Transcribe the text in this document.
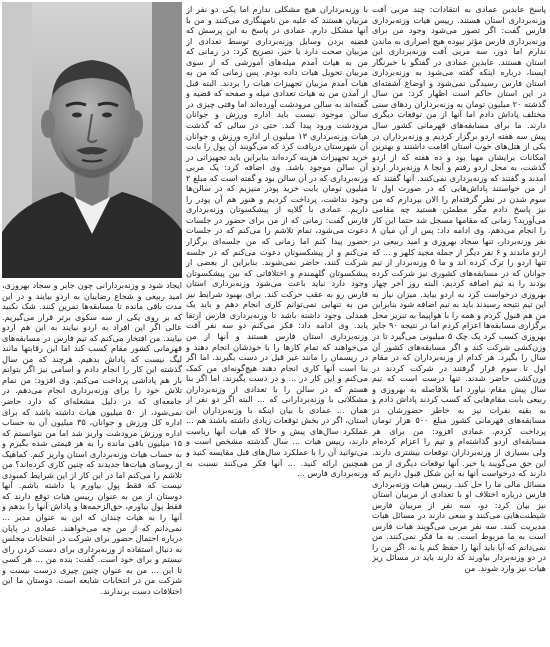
پاسخ عابدین عمادی به انتقادات: چند مربی آفت وزنه‌برداری استان هستند. رییس هیات وزنه‌برداری فارس گفت: اگر تصور می‌شود وجود من برای وزنه‌برداری فارس مؤثر نبوده هیچ اصراری به ماندن ندارم اما دور، سه مربی آفت وزنه‌برداری این استان هستند. عابدین عمادی در گفتگو با خبرنگار ایسنا، درباره اینکه گفته می‌شود به وزنه‌برداری استان فارس رسیدگی نمی‌شود و اوضاع آشفته‌ای در این استان حاکم است اظهار کرد: من سال گذشته ۲۰ میلیون تومان به وزنه‌برداران ردهای سنی مختلف پاداش دادم اما آنها از من توقعات دیگری دارند. ما برای مسابقه‌های قهرمانی کشور سال پیش سه هفته اردو برگزار کردیم و وزنه‌برداران در یکی از هتل‌های خوب استان اقامت داشتند و بهترین امکانات برایشان مهیا بود و ده هفته که از اردو گذشت، به محل اردو رفتم و آنجا ۸ وزنه‌بردار اردو آمدند و گفتند که وزنه‌برداری نمی‌کنند. آنها گفتند که از من خواستند پاداش‌هایی که در صورت اول تا سوم شدن در نظر گرفته‌ام را الان بپردازم که من نیز پاسخ دادم مگر مطمئن هستید چه مقامی می‌آورید؟ زمانی که مقامها مسجل شد حتما این کار را انجام می‌دهم. وی ادامه داد: پس از آن میان ۸ نفر وزنه‌بردار، تنها سجاد بهروزی و امید ربیعی در اردو ماندند و ۶ نفر دیگر از جمله مجید کلهر و ... که تنها اردو را ترک کرده اند و ما ۵ وزنه‌بردار از تیم جوانان که در مسابقه‌های کشوری نیز شرکت کرده بودند را به تیم اضافه کردیم. البته روز آخر چهار بهروزی درخواست کرد به اردو بیاید. میزان نیاز به این تیم نتیجه رسیدند باید به تیم اضافه شود بنابراین من هم قبول کردم و همه را با هواپیما به تبریز محل برگزاری مسابقه‌ها اعزام کردم اما در نتیجه ۹۰ جایز بهروزی کسب کرد یک چک ۵ میلیونی می‌گیرد تا در وزن‌کشی شرکت کند و اگر مسابقه‌های کشور آن سال را بگیرد. هر کدام از وزنه‌برداران که در مقام اول تا سوم قرار گرفتند در شرکت کردند در وزن‌کشی حاضر شدند. تنها درست است که تیم سال پیش مقام نیاورد اما بلافاصله به بهروزی و ربیعی بابت مقام‌هایی که کسب کردند پاداش دادم و به بقیه نفرات نیز به خاطر حضورشان در مسابقه‌های قهرمانی کشور مبلغ ۵۰۰ هزار تومان پرداخت کردم. عمادی افزود: من برای هر مسابقه‌ای اردو گذاشته‌ام و تیم را اعزام کرده‌ام ولی بسیاری از وزنه‌برداران توقعات بیشتری دارند. این حق می‌گویند یا خیر. آنها توقعات دیگری از من دارند که درخواست آنها به این شکل قبول داریم که مسائل مالی ما را حل کند. رییس هیات وزنه‌برداری فارس درباره اختلاف او با تعدادی از مربیان استان نیز بیان کرد: دو، سه نفر از مربیان فارس شیطنت‌هایی می‌کنند و سعی دارند در مسائل هیات مدیریت کنند. سه نفر مربی می‌گویند هیات فارس است به ما مربوط است. به ما فکر نمی‌کنند. من نمی‌دانم که آیا باید آنها را حفظ کنم یا نه. اگر من را در دو وزنه‌بردار بیاورند که دارند باید در مسائل ریز هیات نیز وارد شوند. من

با وزنه‌برداران هیچ مشکلی ندارم اما یکی دو نفر از مربیان هستند که علیه من نامهنگاری می‌کنند و من با آنها مشکل دارم. عمادی در پاسخ به این پرسش که قضیه بردن وسایل وزنه‌برداری توسط تعدادی از مربیان صحت دارد یا خیر، تصریح کرد: در زمانی که من به هیات آمدم میله‌های آموزشی که از سوی مربیان تحویل هیات داده بودم. پس زمانی که من به هیات آمدم مربیان تجهیزات هیات را بردند. البته قبل از آمدن من به هیات تعدادی میله و صفحه که قضیه و گفته‌اند به سالن مرودشت آورده‌اند اما وقتی چیزی در سالن موجود نیست باید اداره ورزش و جوانان مرودشت ورود پیدا کند. حتی در سالی که گذشت هیات وزنه‌برداری ۱۳ میلیون از اداره ورزش و جوانان آن شهرستان دریافت کرد که می‌گویند آن پول را بابت خرید تجهیزات هزینه کرده‌اند بنابراین باید تجهیزاتی در آن سالن موجود باشد. وی اضافه کرد: یک مربی وزنه‌برداری که در آن سالن بود و گفته است که مبلغ ۲ میلیون تومان بابت خرید پودر منیزیم که در سالن‌ها وجود نداشت، پرداخت کردیم و هنوز هم آن پودر را داریم. عمادی با گلایه از پیشکسوتان وزنه‌برداری فارس گفت: زمانی که از من برای حضور در جلسات دعوت می‌شود، تمام تلاشم را می‌کنم که در جلسات حضور پیدا کنم اما زمانی که من جلسه‌ای برگزار می‌کنم و از پیشکسوتان دعوت می‌کنم که در جلسه شرکت کنند، حاضر نمی‌شوند. بنابراین از بعضی از پیشکسوتان گلهمندم و اختلافاتی که بین پیشکسوتان وجود دارد نباید باعث می‌شود وزنه‌برداری استان فارس رو به عقب حرکت کند. برای بهبود شرایط نیز من به تنهایی نمی‌توانم کاری انجام دهم و باید یک همدلی وجود داشته باشد تا وزنه‌برداری فارس ارتقا یابد. وی ادامه داد: فکر می‌کنم دو سه نفر آفت وزنه‌برداری استان فارس هستند و آنها از من می‌خواهند که تمام کارها را با خودشان انجام دهند و در ریسمان را مانند غیر قبل در دست بگیرند. اما اگر بنا است آنها کاری انجام دهند هیچ‌گونه‌ای من کمک می‌کنم و این کار در ... و در دست بگیرند. اما اگر بنا هستم که در سالن را با تعدادی از وزنه‌برداران مشکلاتی با وزنه‌بردارانی که ... البته اگر دو نفر از همان ... عمادی با بیان اینکه با وزنه‌برداران این استان، اگر در بخش توقعات زیادی داشته باشند هم ... عملکرد سال‌های پیش و حالا که هیات آنها ریاست دارند، رییس هیات ... سال گذشته مشخص است و می‌توانید آن را با عملکرد سال‌های قبل مقایسه کنید و همچنین ارائه کنید. ... آنها فکر می‌کنند نسبت به وزنه‌برداری فارس ...

ایجاد شود و وزنه‌بردارانی چون جابر و سجاد بهروزی، امید ربیعی و شجاع رضاییان به اردو بیایند و در این مدت باقی مانده تا مسابقه‌ها تمرین کنند. شک نکنید که بر روی یکی از سه سکوی برتر قرار می‌گیریم. عالی اگر این افراد به اردو نیایند به این هم اردو بیایند. من افتخار می‌کنم که تیم فارس در مسابقه‌های قهرمانی کشور مقام کسب کند اما این رقابتها مانند لیگ نیست که پاداش بدهیم. هرچند که من سال گذشته این کار را انجام دادم و اسامی نیز اگر بتوانم باز هم پاداشی پرداخت می‌کنم. وی افزود: من تمام تلاش خود را برای وزنه‌برداری انجام می‌دهم. در جامعه‌ای که در دلیل مشغله‌ای که دارد حاضر نمی‌شود، از ۵۰ میلیون هیات داشته باشد که برای اداره کل ورزش و جوانان، ۳۵ میلیون آن به حساب اداره ورزش مرودشت واریز شد اما من نتوانستم که ۱۵ میلیون باقی مانده را به هر قیمتی شده بگیرم و به حساب هیات وزنه‌برداری استان واریز کنم. کماهیک از روسای هیات‌ها جدیدند که چنین کاری کرده‌اند؟ من تلاشم را می‌کنم اما در این کار از این شرایط کمبودی نیست که فقط پول بیاورم یا داشته باشم. آنها دوستان از من به عنوان رییس هیات توقع دارند که فقط پول بیاورم، حق‌الزحمه‌ها و پاداش آنها را بدهم و آنها را به هیات چندان که این به عنوان مدیر ... نمی‌دانم که از من چه می‌خواهند. عمادی در پایان درباره احتمال حضور برای شرکت در انتخابات مجلس به دنبال استفاده از وزنه‌برداری برای دست کردن رای نیستم و برای خود است. گفت: بنده من ... هر کسی تا این ... من به عنوان چنین چیزی درست نیست و شرکت من در انتخابات شایعه است. دوستان ما این اختلافات دست برندارند.
